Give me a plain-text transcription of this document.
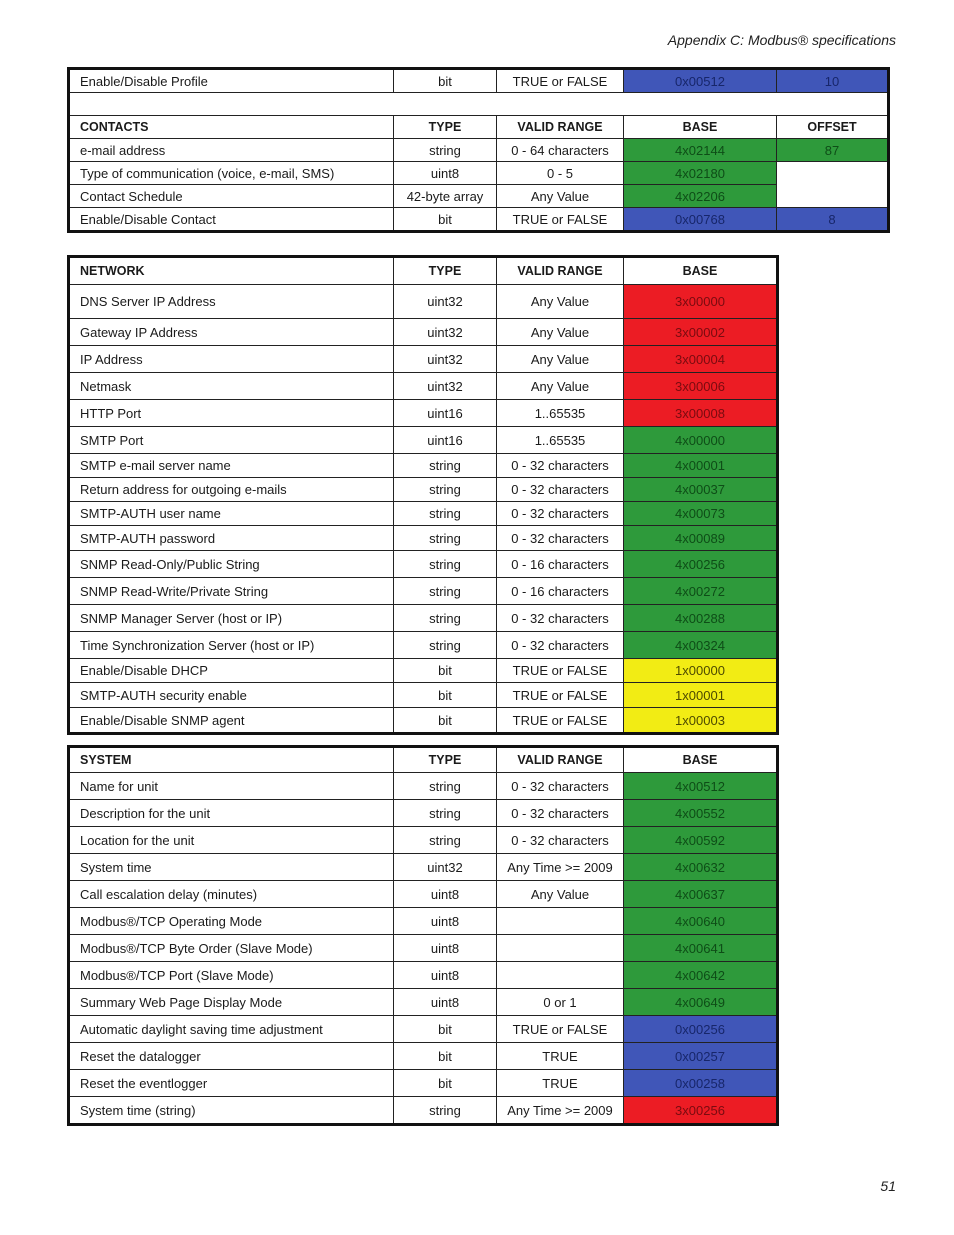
Appendix C: Modbus® specifications
Enable/Disable Profile	bit	TRUE or FALSE	0x00512	10

CONTACTS	TYPE	VALID RANGE	BASE	OFFSET
e-mail address	string	0 - 64 characters	4x02144	87
Type of communication (voice, e-mail, SMS)	uint8	0 - 5	4x02180	
Contact Schedule	42-byte array	Any Value	4x02206	
Enable/Disable Contact	bit	TRUE or FALSE	0x00768	8
NETWORK	TYPE	VALID RANGE	BASE
DNS Server IP Address	uint32	Any Value	3x00000
Gateway IP Address	uint32	Any Value	3x00002
IP Address	uint32	Any Value	3x00004
Netmask	uint32	Any Value	3x00006
HTTP Port	uint16	1..65535	3x00008
SMTP Port	uint16	1..65535	4x00000
SMTP e-mail server name	string	0 - 32 characters	4x00001
Return address for outgoing e-mails	string	0 - 32 characters	4x00037
SMTP-AUTH user name	string	0 - 32 characters	4x00073
SMTP-AUTH password	string	0 - 32 characters	4x00089
SNMP Read-Only/Public String	string	0 - 16 characters	4x00256
SNMP Read-Write/Private String	string	0 - 16 characters	4x00272
SNMP Manager Server (host or IP)	string	0 - 32 characters	4x00288
Time Synchronization Server (host or IP)	string	0 - 32 characters	4x00324
Enable/Disable DHCP	bit	TRUE or FALSE	1x00000
SMTP-AUTH security enable	bit	TRUE or FALSE	1x00001
Enable/Disable SNMP agent	bit	TRUE or FALSE	1x00003
SYSTEM	TYPE	VALID RANGE	BASE
Name for unit	string	0 - 32 characters	4x00512
Description for the unit	string	0 - 32 characters	4x00552
Location for the unit	string	0 - 32 characters	4x00592
System time	uint32	Any Time >= 2009	4x00632
Call escalation delay (minutes)	uint8	Any Value	4x00637
Modbus®/TCP Operating Mode	uint8		4x00640
Modbus®/TCP Byte Order (Slave Mode)	uint8		4x00641
Modbus®/TCP Port (Slave Mode)	uint8		4x00642
Summary Web Page Display Mode	uint8	0 or 1	4x00649
Automatic daylight saving time adjustment	bit	TRUE or FALSE	0x00256
Reset the datalogger	bit	TRUE	0x00257
Reset the eventlogger	bit	TRUE	0x00258
System time (string)	string	Any Time >= 2009	3x00256
51
